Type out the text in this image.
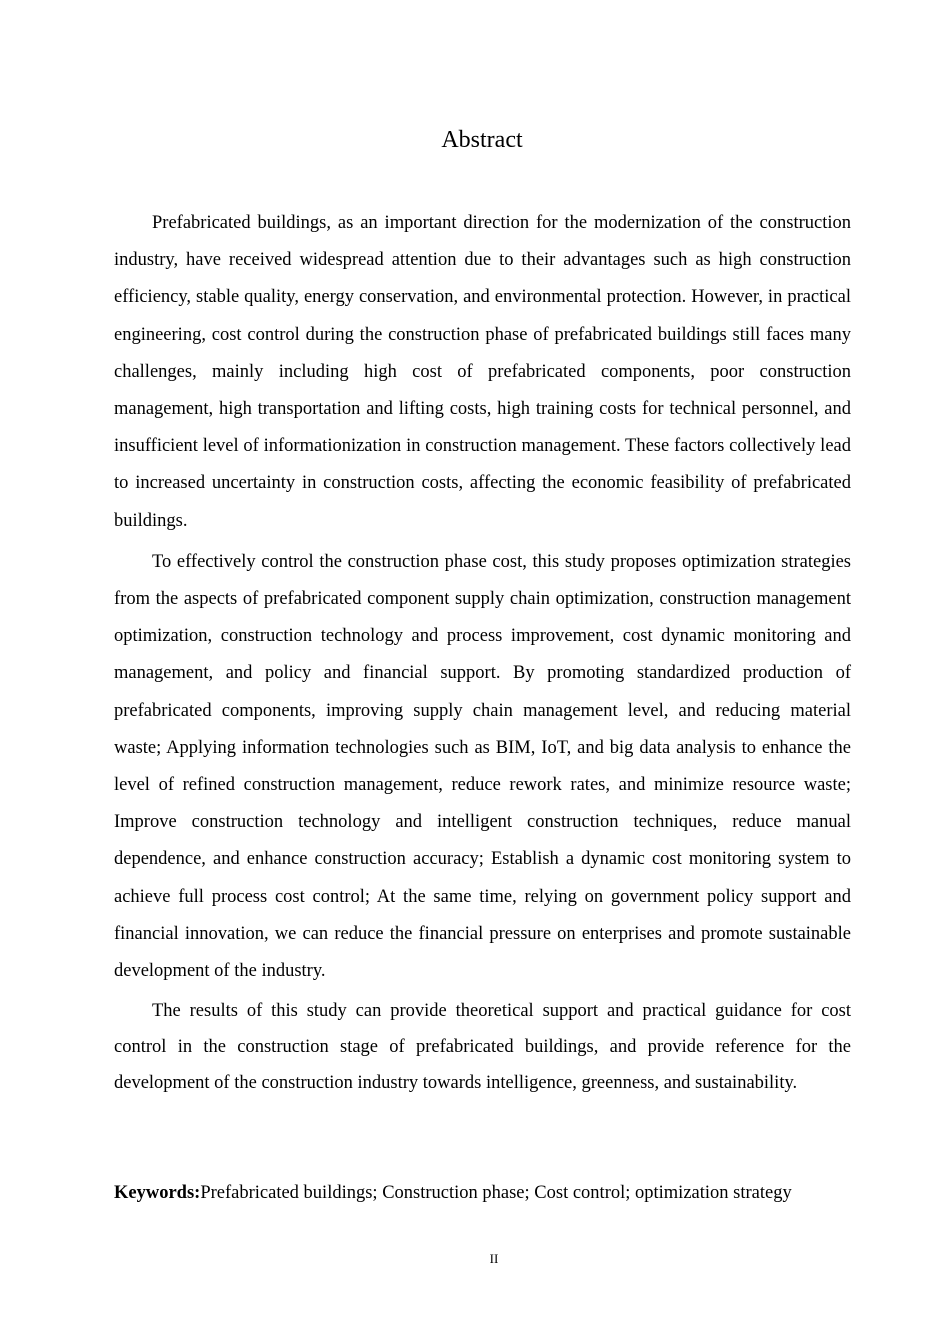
Abstract

Prefabricated buildings, as an important direction for the modernization of the construction industry, have received widespread attention due to their advantages such as high construction efficiency, stable quality, energy conservation, and environmental protection. However, in practical engineering, cost control during the construction phase of prefabricated buildings still faces many challenges, mainly including high cost of prefabricated components, poor construction management, high transportation and lifting costs, high training costs for technical personnel, and insufficient level of informationization in construction management. These factors collectively lead to increased uncertainty in construction costs, affecting the economic feasibility of prefabricated buildings.

To effectively control the construction phase cost, this study proposes optimization strategies from the aspects of prefabricated component supply chain optimization, construction management optimization, construction technology and process improvement, cost dynamic monitoring and management, and policy and financial support. By promoting standardized production of prefabricated components, improving supply chain management level, and reducing material waste; Applying information technologies such as BIM, IoT, and big data analysis to enhance the level of refined construction management, reduce rework rates, and minimize resource waste; Improve construction technology and intelligent construction techniques, reduce manual dependence, and enhance construction accuracy; Establish a dynamic cost monitoring system to achieve full process cost control; At the same time, relying on government policy support and financial innovation, we can reduce the financial pressure on enterprises and promote sustainable development of the industry.

The results of this study can provide theoretical support and practical guidance for cost control in the construction stage of prefabricated buildings, and provide reference for the development of the construction industry towards intelligence, greenness, and sustainability.

Keywords:Prefabricated buildings; Construction phase; Cost control; optimization strategy
II
